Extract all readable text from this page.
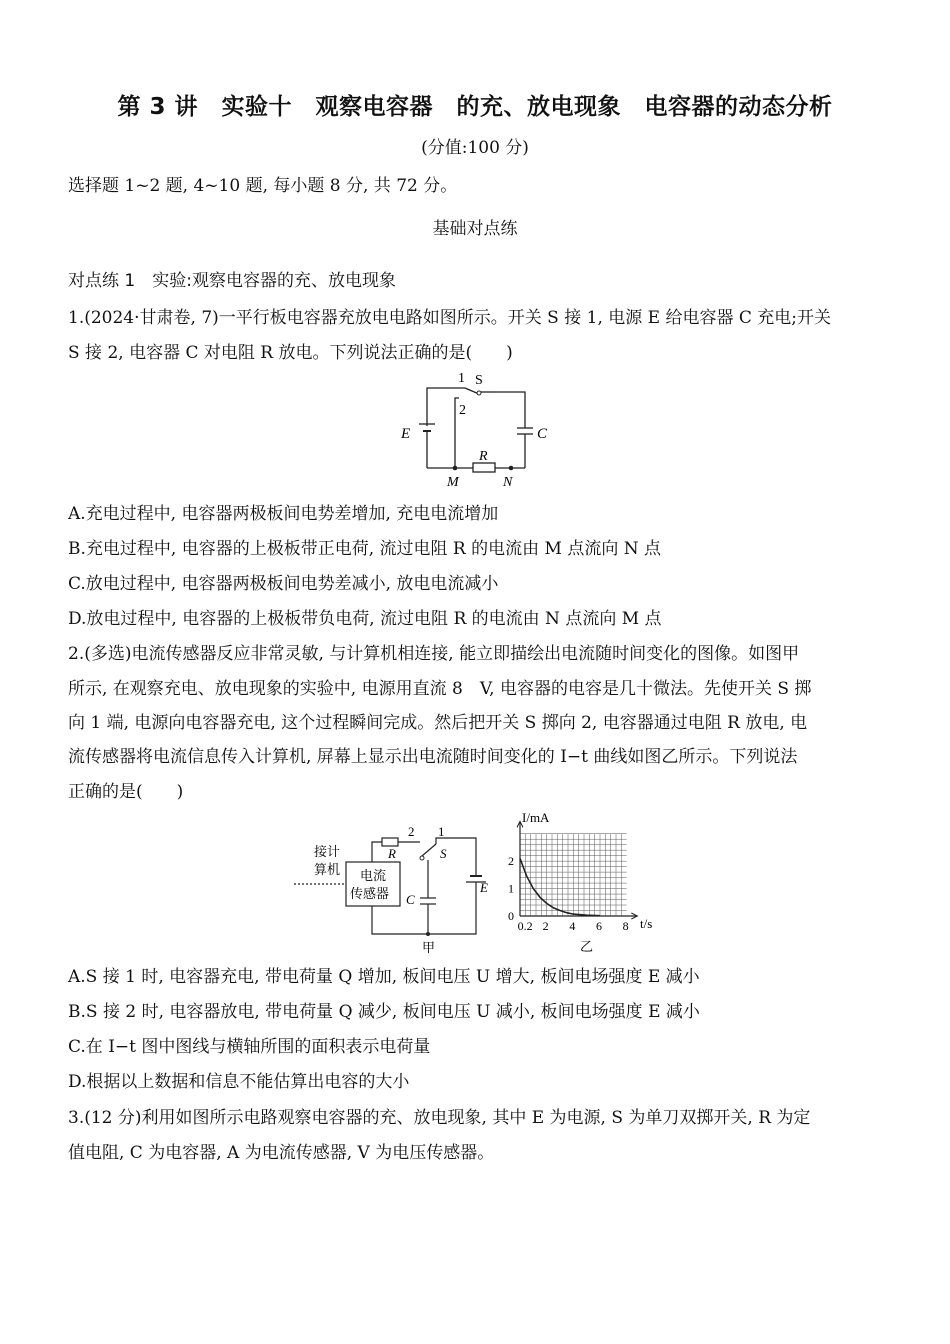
第 3 讲　实验十　观察电容器　的充、放电现象　电容器的动态分析
(分值:100 分)
选择题 1~2 题, 4~10 题, 每小题 8 分, 共 72 分。
基础对点练
对点练 1　实验:观察电容器的充、放电现象
1.(2024·甘肃卷, 7)一平行板电容器充放电电路如图所示。开关 S 接 1, 电源 E 给电容器 C 充电;开关
S 接 2, 电容器 C 对电阻 R 放电。下列说法正确的是(　　)
1 S
2
E	C
R
M	N
A.充电过程中, 电容器两极板间电势差增加, 充电电流增加
B.充电过程中, 电容器的上极板带正电荷, 流过电阻 R 的电流由 M 点流向 N 点
C.放电过程中, 电容器两极板间电势差减小, 放电电流减小
D.放电过程中, 电容器的上极板带负电荷, 流过电阻 R 的电流由 N 点流向 M 点
2.(多选)电流传感器反应非常灵敏, 与计算机相连接, 能立即描绘出电流随时间变化的图像。如图甲
所示, 在观察充电、放电现象的实验中, 电源用直流 8　V, 电容器的电容是几十微法。先使开关 S 掷
向 1 端, 电源向电容器充电, 这个过程瞬间完成。然后把开关 S 掷向 2, 电容器通过电阻 R 放电, 电
流传感器将电流信息传入计算机, 屏幕上显示出电流随时间变化的 I−t 曲线如图乙所示。下列说法
正确的是(　　)
接计
算机 电流
传感器
R
2 1
S
C
E
甲
0.2 2 4 6 8
0
1
2
I/mA
t/s
乙
A.S 接 1 时, 电容器充电, 带电荷量 Q 增加, 板间电压 U 增大, 板间电场强度 E 减小
B.S 接 2 时, 电容器放电, 带电荷量 Q 减少, 板间电压 U 减小, 板间电场强度 E 减小
C.在 I−t 图中图线与横轴所围的面积表示电荷量
D.根据以上数据和信息不能估算出电容的大小
3.(12 分)利用如图所示电路观察电容器的充、放电现象, 其中 E 为电源, S 为单刀双掷开关, R 为定
值电阻, C 为电容器, A 为电流传感器, V 为电压传感器。
